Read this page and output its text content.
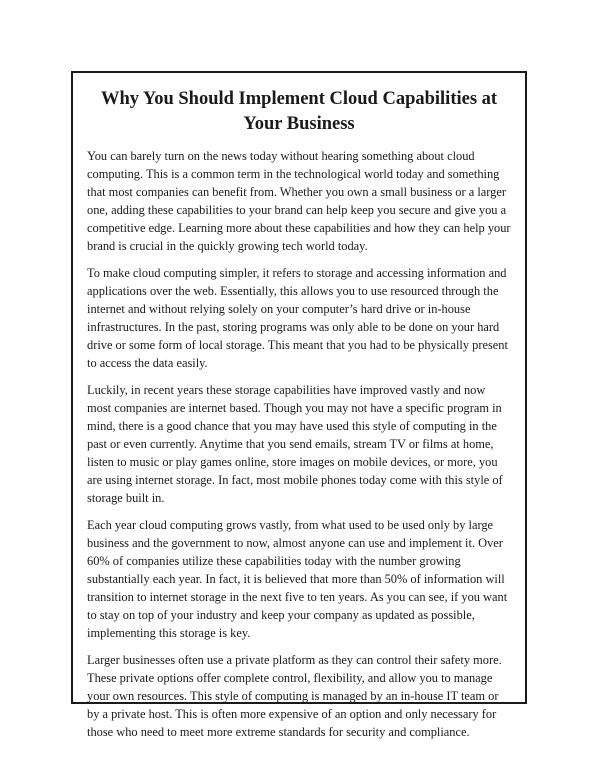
Why You Should Implement Cloud Capabilities at Your Business

You can barely turn on the news today without hearing something about cloud computing. This is a common term in the technological world today and something that most companies can benefit from. Whether you own a small business or a larger one, adding these capabilities to your brand can help keep you secure and give you a competitive edge. Learning more about these capabilities and how they can help your brand is crucial in the quickly growing tech world today.

To make cloud computing simpler, it refers to storage and accessing information and applications over the web. Essentially, this allows you to use resourced through the internet and without relying solely on your computer’s hard drive or in-house infrastructures. In the past, storing programs was only able to be done on your hard drive or some form of local storage. This meant that you had to be physically present to access the data easily.

Luckily, in recent years these storage capabilities have improved vastly and now most companies are internet based. Though you may not have a specific program in mind, there is a good chance that you may have used this style of computing in the past or even currently. Anytime that you send emails, stream TV or films at home, listen to music or play games online, store images on mobile devices, or more, you are using internet storage. In fact, most mobile phones today come with this style of storage built in.

Each year cloud computing grows vastly, from what used to be used only by large business and the government to now, almost anyone can use and implement it. Over 60% of companies utilize these capabilities today with the number growing substantially each year. In fact, it is believed that more than 50% of information will transition to internet storage in the next five to ten years. As you can see, if you want to stay on top of your industry and keep your company as updated as possible, implementing this storage is key.

Larger businesses often use a private platform as they can control their safety more. These private options offer complete control, flexibility, and allow you to manage your own resources. This style of computing is managed by an in-house IT team or by a private host. This is often more expensive of an option and only necessary for those who need to meet more extreme standards for security and compliance.
